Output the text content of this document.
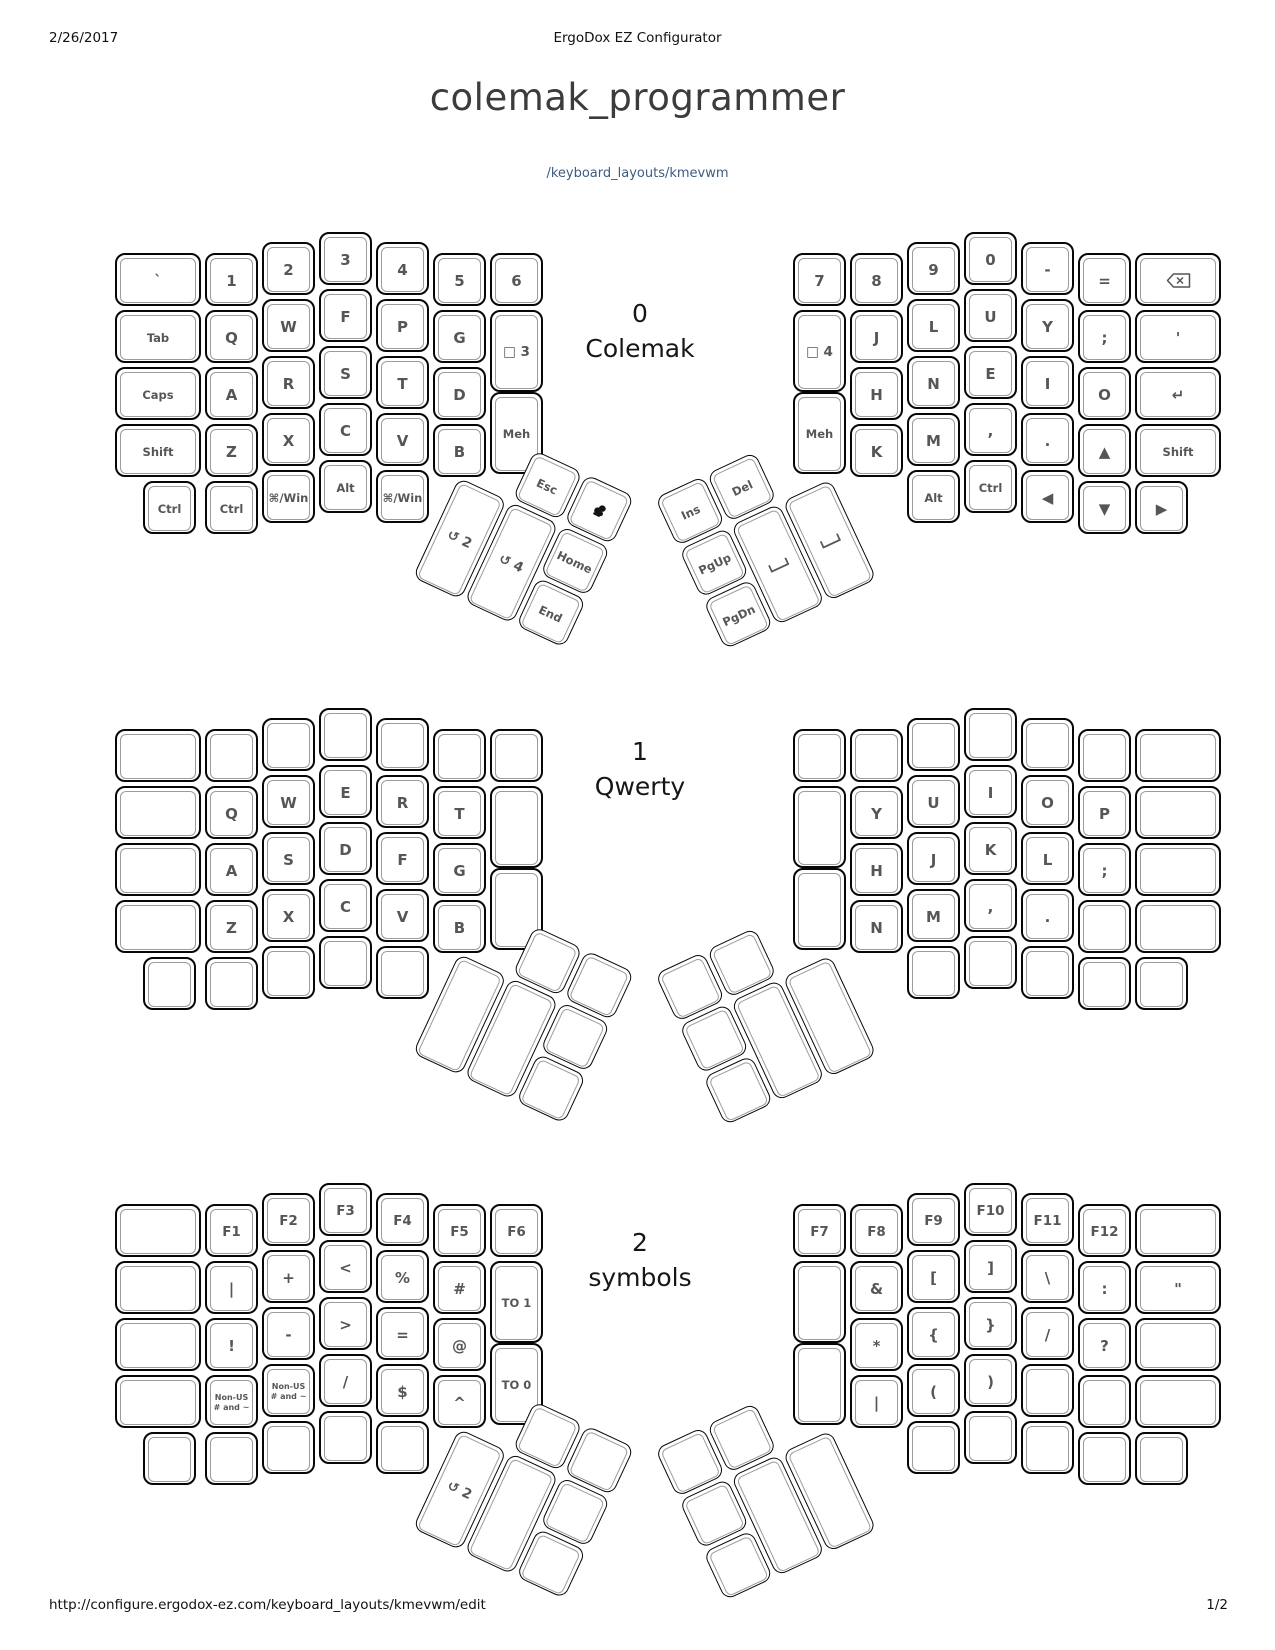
2/26/2017	ErgoDox EZ Configurator
colemak_programmer
/keyboard_layouts/kmevwm
0
Colemak
`	1
2
3
4
5	6
Tab	Q
W
F
P
G
Caps	A
R
S
T
D
Shift	Z
X
C
V
B
□ 3
Meh
Ctrl	Ctrl
⌘/Win
Alt
⌘/Win
Esc
↺ 2
↺ 4	Home
End
7	8
9
0
-
=
J
L
U
Y
;	'
H
N
E
I
O	↵
K
M
,
.
▲	Shift
□ 4
Meh
Alt
Ctrl
◀
▼	▶
Ins
Del
PgUp
PgDn
1
Qwerty
Q
W
E
R
T
A
S
D
F
G
Z
X
C
V
B
Y
U
I
O
P
H
J
K
L
;
N
M
,
.
2
symbols
F1
F2
F3
F4
F5	F6
|
+
<
%
#
!
-
>
=
@
Non-US # and ~
Non-US # and ~
/
$
^
TO 1
TO 0
↺ 2
F7	F8
F9
F10
F11
F12
&
[
]
\
:	"
*
{
}
/
?
|
(
)
http://configure.ergodox-ez.com/keyboard_layouts/kmevwm/edit	1/2
